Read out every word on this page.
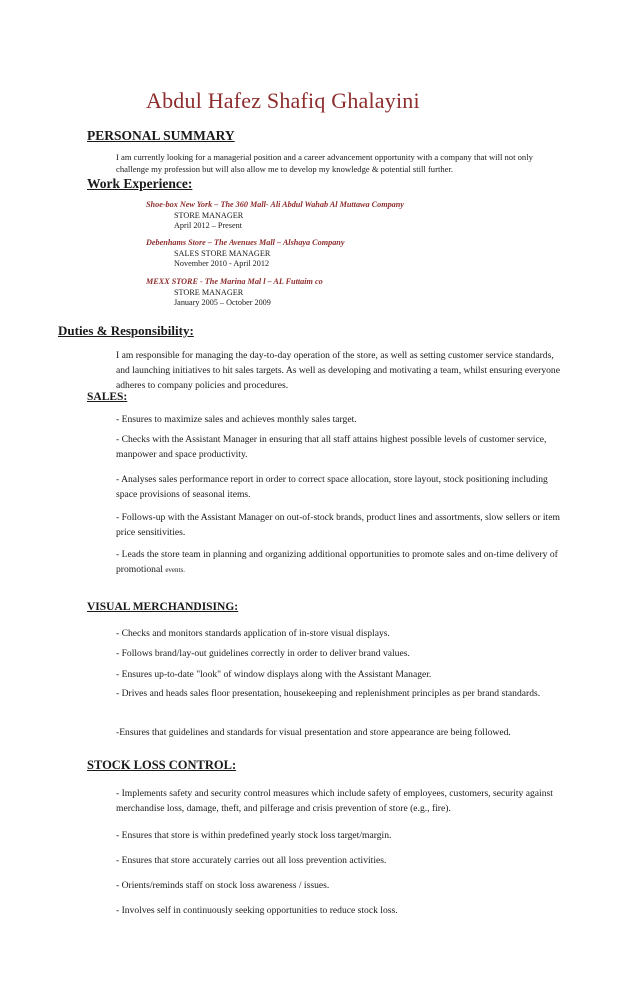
Abdul Hafez Shafiq Ghalayini
PERSONAL SUMMARY
I am currently looking for a managerial position and a career advancement opportunity with a company that will not only challenge my profession but will also allow me to develop my knowledge & potential still further.
Work Experience:
Shoe-box New York – The 360 Mall- Ali Abdul Wahab Al Muttawa Company
STORE MANAGER
April 2012 – Present
Debenhams Store – The Avenues Mall – Alshaya Company
SALES STORE MANAGER
November 2010 - April 2012
MEXX STORE - The Marina Mal l – AL Futtaim co
STORE MANAGER
January 2005 – October 2009
Duties & Responsibility:
I am responsible for managing the day-to-day operation of the store, as well as setting customer service standards, and launching initiatives to hit sales targets. As well as developing and motivating a team, whilst ensuring everyone adheres to company policies and procedures.
SALES:
- Ensures to maximize sales and achieves monthly sales target.
- Checks with the Assistant Manager in ensuring that all staff attains highest possible levels of customer service, manpower and space productivity.
- Analyses sales performance report in order to correct space allocation, store layout, stock positioning including space provisions of seasonal items.
- Follows-up with the Assistant Manager on out-of-stock brands, product lines and assortments, slow sellers or item price sensitivities.
- Leads the store team in planning and organizing additional opportunities to promote sales and on-time delivery of promotional events.
VISUAL MERCHANDISING:
- Checks and monitors standards application of in-store visual displays.
- Follows brand/lay-out guidelines correctly in order to deliver brand values.
- Ensures up-to-date "look" of window displays along with the Assistant Manager.
- Drives and heads sales floor presentation, housekeeping and replenishment principles as per brand standards.
-Ensures that guidelines and standards for visual presentation and store appearance are being followed.
STOCK LOSS CONTROL:
- Implements safety and security control measures which include safety of employees, customers, security against merchandise loss, damage, theft, and pilferage and crisis prevention of store (e.g., fire).
- Ensures that store is within predefined yearly stock loss target/margin.
- Ensures that store accurately carries out all loss prevention activities.
- Orients/reminds staff on stock loss awareness / issues.
- Involves self in continuously seeking opportunities to reduce stock loss.
